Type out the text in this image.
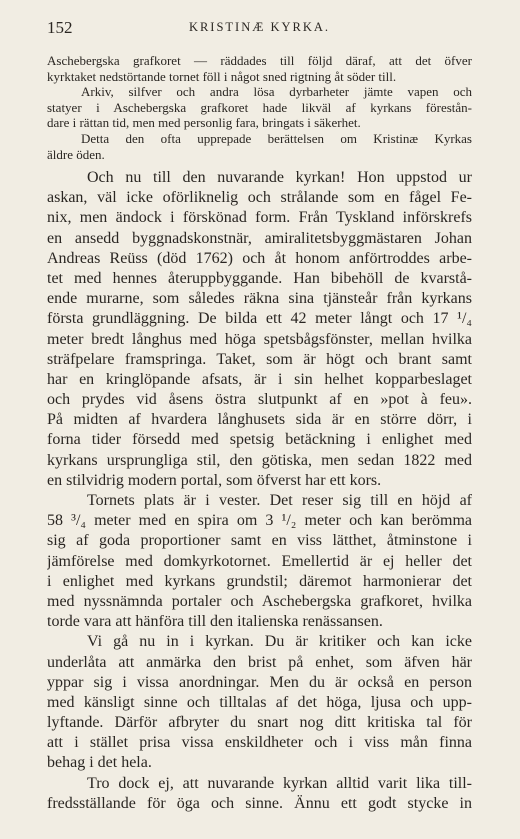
152	KRISTINÆ KYRKA.
Aschebergska grafkoret — räddades till följd däraf, att det öfver
kyrktaket nedstörtande tornet föll i något sned rigtning åt söder till.
Arkiv, silfver och andra lösa dyrbarheter jämte vapen och
statyer i Aschebergska grafkoret hade likväl af kyrkans förestån-
dare i rättan tid, men med personlig fara, bringats i säkerhet.
Detta den ofta upprepade berättelsen om Kristinæ Kyrkas
äldre öden.
Och nu till den nuvarande kyrkan! Hon uppstod ur
askan, väl icke oförliknelig och strålande som en fågel Fe-
nix, men ändock i förskönad form. Från Tyskland införskrefs
en ansedd byggnadskonstnär, amiralitetsbyggmästaren Johan
Andreas Reüss (död 1762) och åt honom anförtroddes arbe-
tet med hennes återuppbyggande. Han bibehöll de kvarstå-
ende murarne, som således räkna sina tjänsteår från kyrkans
första grundläggning. De bilda ett 42 meter långt och 17 ¹/₄
meter bredt långhus med höga spetsbågsfönster, mellan hvilka
sträfpelare framspringa. Taket, som är högt och brant samt
har en kringlöpande afsats, är i sin helhet kopparbeslaget
och prydes vid åsens östra slutpunkt af en »pot à feu».
På midten af hvardera långhusets sida är en större dörr, i
forna tider försedd med spetsig betäckning i enlighet med
kyrkans ursprungliga stil, den götiska, men sedan 1822 med
en stilvidrig modern portal, som öfverst har ett kors.
Tornets plats är i vester. Det reser sig till en höjd af
58 ³/₄ meter med en spira om 3 ¹/₂ meter och kan berömma
sig af goda proportioner samt en viss lätthet, åtminstone i
jämförelse med domkyrkotornet. Emellertid är ej heller det
i enlighet med kyrkans grundstil; däremot harmonierar det
med nyssnämnda portaler och Aschebergska grafkoret, hvilka
torde vara att hänföra till den italienska renässansen.
Vi gå nu in i kyrkan. Du är kritiker och kan icke
underlåta att anmärka den brist på enhet, som äfven här
yppar sig i vissa anordningar. Men du är också en person
med känsligt sinne och tilltalas af det höga, ljusa och upp-
lyftande. Därför afbryter du snart nog ditt kritiska tal för
att i stället prisa vissa enskildheter och i viss mån finna
behag i det hela.
Tro dock ej, att nuvarande kyrkan alltid varit lika till-
fredsställande för öga och sinne. Ännu ett godt stycke in
